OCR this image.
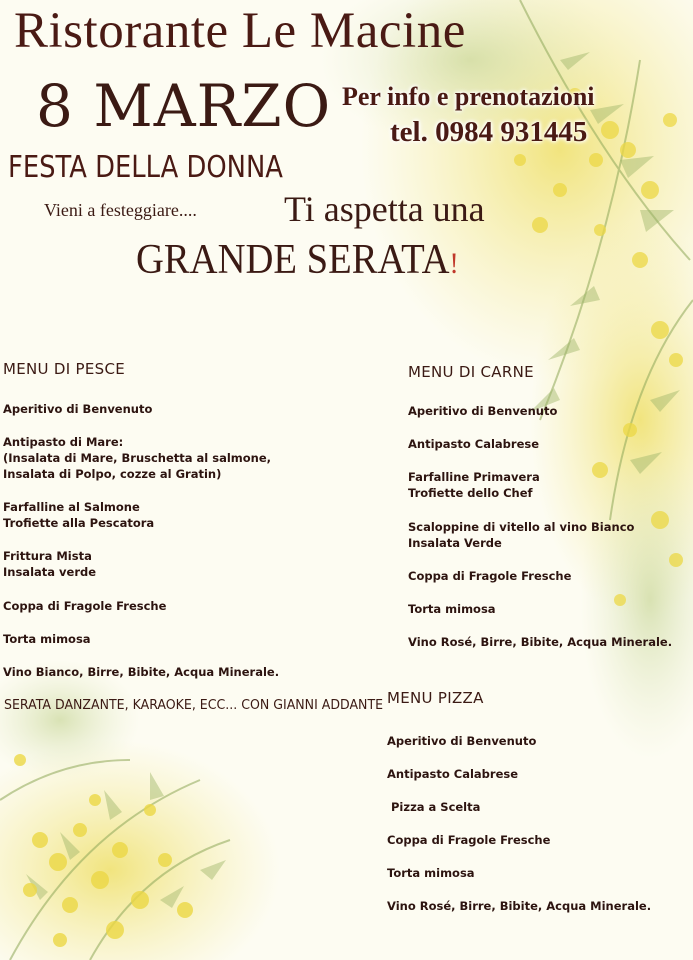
Ristorante Le Macine
8 MARZO
FESTA DELLA DONNA
Vieni a festeggiare....
Per info e prenotazioni
tel. 0984 931445
Ti aspetta una
GRANDE SERATA!
MENU DI PESCE
Aperitivo di Benvenuto
Antipasto di Mare:
(Insalata di Mare, Bruschetta al salmone,
Insalata di Polpo, cozze al Gratin)
Farfalline al Salmone
Trofiette alla Pescatora
Frittura Mista
Insalata verde
Coppa di Fragole Fresche
Torta mimosa
Vino Bianco, Birre, Bibite, Acqua Minerale.
SERATA DANZANTE, KARAOKE, ECC... CON GIANNI ADDANTE
MENU DI CARNE
Aperitivo di Benvenuto
Antipasto Calabrese
Farfalline Primavera
Trofiette dello Chef
Scaloppine di vitello al vino Bianco
Insalata Verde
Coppa di Fragole Fresche
Torta mimosa
Vino Rosé, Birre, Bibite, Acqua Minerale.
MENU PIZZA
Aperitivo di Benvenuto
Antipasto Calabrese
Pizza a Scelta
Coppa di Fragole Fresche
Torta mimosa
Vino Rosé, Birre, Bibite, Acqua Minerale.
